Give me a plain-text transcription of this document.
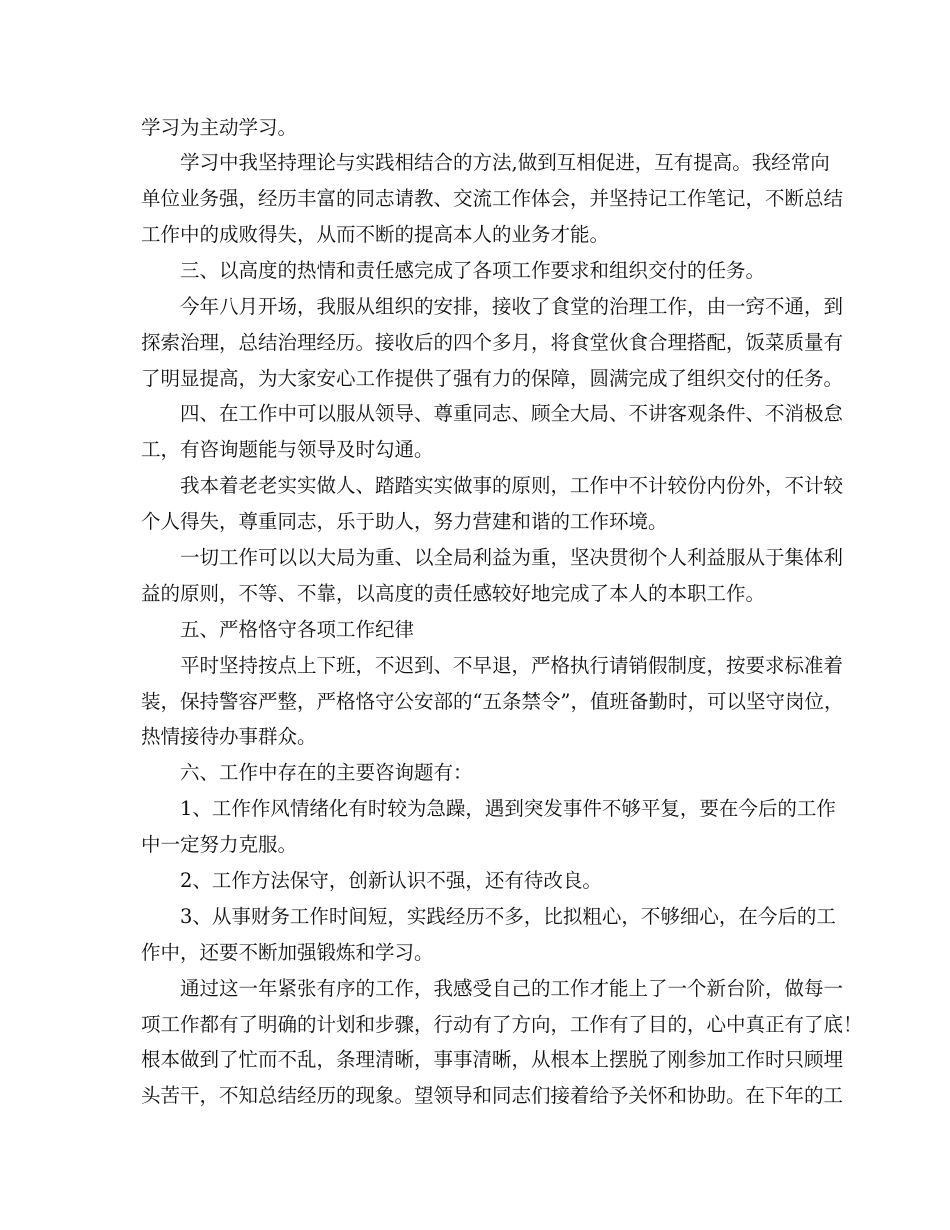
学习为主动学习。
学习中我坚持理论与实践相结合的方法,做到互相促进，互有提高。我经常向
单位业务强，经历丰富的同志请教、交流工作体会，并坚持记工作笔记，不断总结
工作中的成败得失，从而不断的提高本人的业务才能。
三、以高度的热情和责任感完成了各项工作要求和组织交付的任务。
今年八月开场，我服从组织的安排，接收了食堂的治理工作，由一窍不通，到
探索治理，总结治理经历。接收后的四个多月，将食堂伙食合理搭配，饭菜质量有
了明显提高，为大家安心工作提供了强有力的保障，圆满完成了组织交付的任务。
四、在工作中可以服从领导、尊重同志、顾全大局、不讲客观条件、不消极怠
工，有咨询题能与领导及时勾通。
我本着老老实实做人、踏踏实实做事的原则，工作中不计较份内份外，不计较
个人得失，尊重同志，乐于助人，努力营建和谐的工作环境。
一切工作可以以大局为重、以全局利益为重，坚决贯彻个人利益服从于集体利
益的原则，不等、不靠，以高度的责任感较好地完成了本人的本职工作。
五、严格恪守各项工作纪律
平时坚持按点上下班，不迟到、不早退，严格执行请销假制度，按要求标准着
装，保持警容严整，严格恪守公安部的“五条禁令”，值班备勤时，可以坚守岗位，
热情接待办事群众。
六、工作中存在的主要咨询题有：
1、工作作风情绪化有时较为急躁，遇到突发事件不够平复，要在今后的工作
中一定努力克服。
2、工作方法保守，创新认识不强，还有待改良。
3、从事财务工作时间短，实践经历不多，比拟粗心，不够细心，在今后的工
作中，还要不断加强锻炼和学习。
通过这一年紧张有序的工作，我感受自己的工作才能上了一个新台阶，做每一
项工作都有了明确的计划和步骤，行动有了方向，工作有了目的，心中真正有了底！
根本做到了忙而不乱，条理清晰，事事清晰，从根本上摆脱了刚参加工作时只顾埋
头苦干，不知总结经历的现象。望领导和同志们接着给予关怀和协助。在下年的工
